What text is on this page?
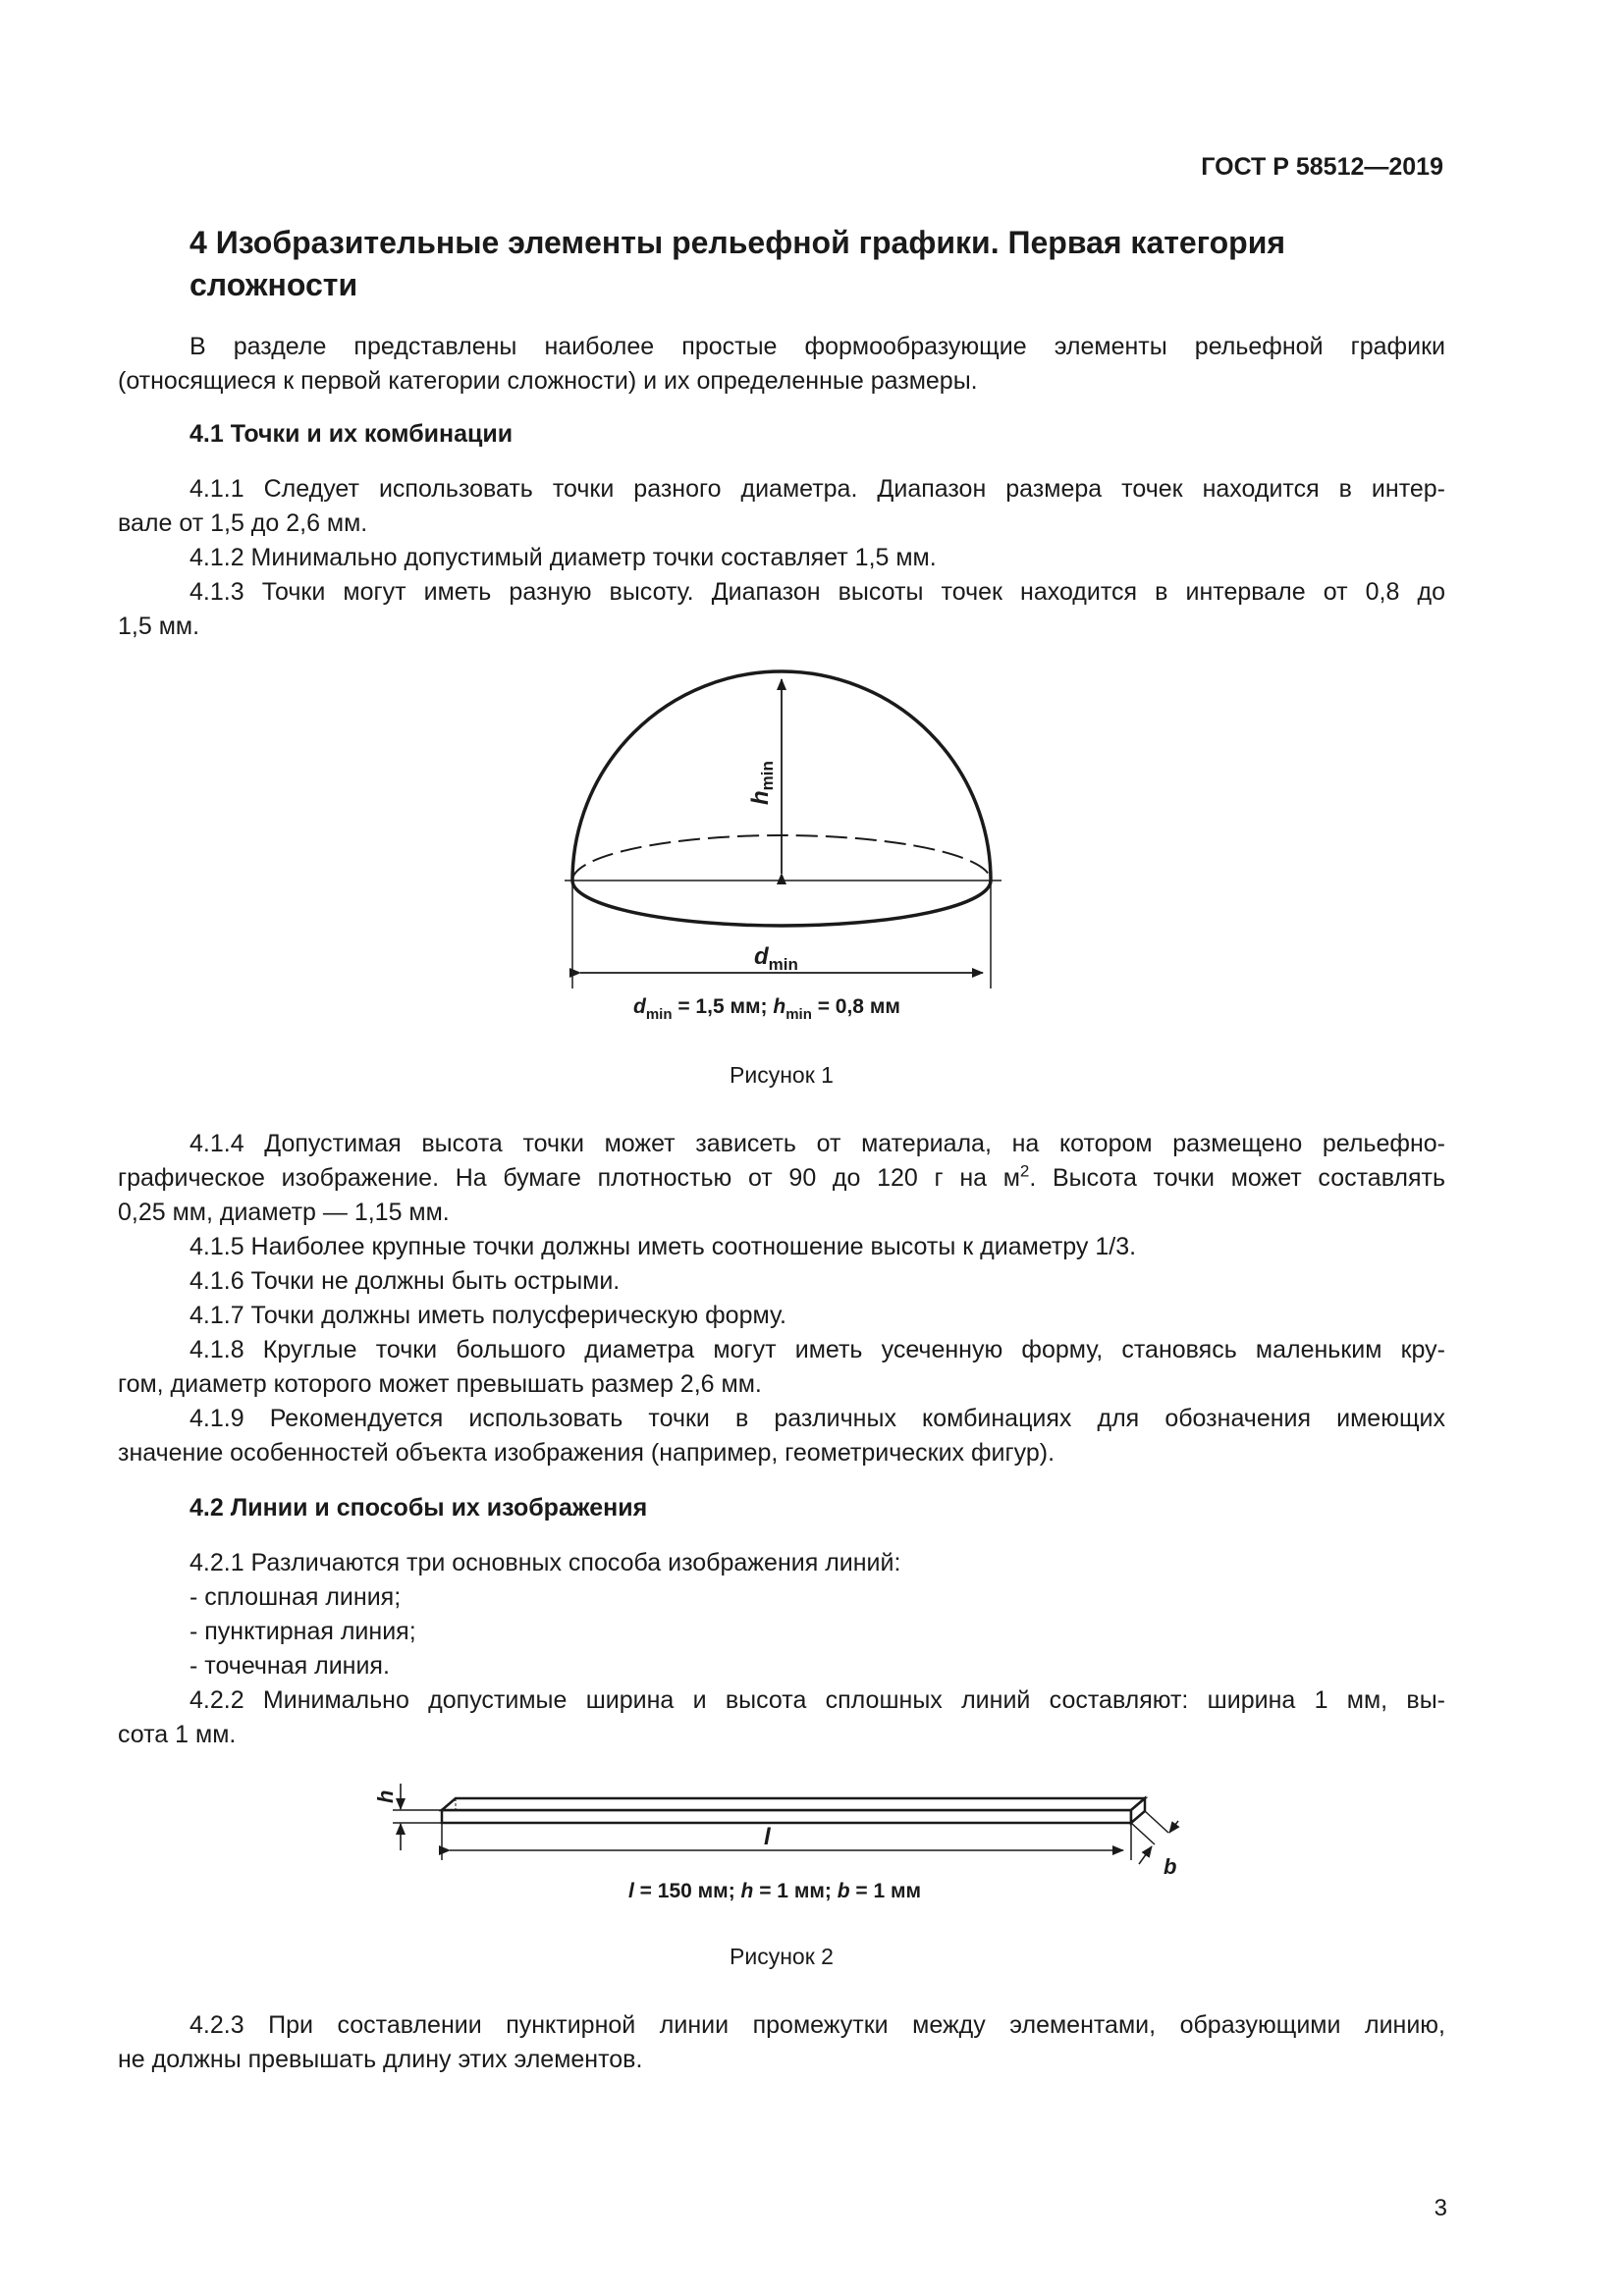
ГОСТ Р 58512—2019
4 Изобразительные элементы рельефной графики. Первая категория сложности
В разделе представлены наиболее простые формообразующие элементы рельефной графики
(относящиеся к первой категории сложности) и их определенные размеры.
4.1 Точки и их комбинации
4.1.1 Следует использовать точки разного диаметра. Диапазон размера точек находится в интер-
вале от 1,5 до 2,6 мм.
4.1.2 Минимально допустимый диаметр точки составляет 1,5 мм.
4.1.3 Точки могут иметь разную высоту. Диапазон высоты точек находится в интервале от 0,8 до
1,5 мм.
$h_{min}$
$d_{min}$
$d_{min} = 1,5$ мм; $h_{min} = 0,8$ мм
Рисунок 1
4.1.4 Допустимая высота точки может зависеть от материала, на котором размещено рельефно-
графическое изображение. На бумаге плотностью от 90 до 120 г на $м^2$. Высота точки может составлять
0,25 мм, диаметр — 1,15 мм.
4.1.5 Наиболее крупные точки должны иметь соотношение высоты к диаметру 1/3.
4.1.6 Точки не должны быть острыми.
4.1.7 Точки должны иметь полусферическую форму.
4.1.8 Круглые точки большого диаметра могут иметь усеченную форму, становясь маленьким кру-
гом, диаметр которого может превышать размер 2,6 мм.
4.1.9 Рекомендуется использовать точки в различных комбинациях для обозначения имеющих
значение особенностей объекта изображения (например, геометрических фигур).
4.2 Линии и способы их изображения
4.2.1 Различаются три основных способа изображения линий:
- сплошная линия;
- пунктирная линия;
- точечная линия.
4.2.2 Минимально допустимые ширина и высота сплошных линий составляют: ширина 1 мм, вы-
сота 1 мм.
h
l
b
l = 150 мм; h = 1 мм; b = 1 мм
Рисунок 2
4.2.3 При составлении пунктирной линии промежутки между элементами, образующими линию,
не должны превышать длину этих элементов.
3
